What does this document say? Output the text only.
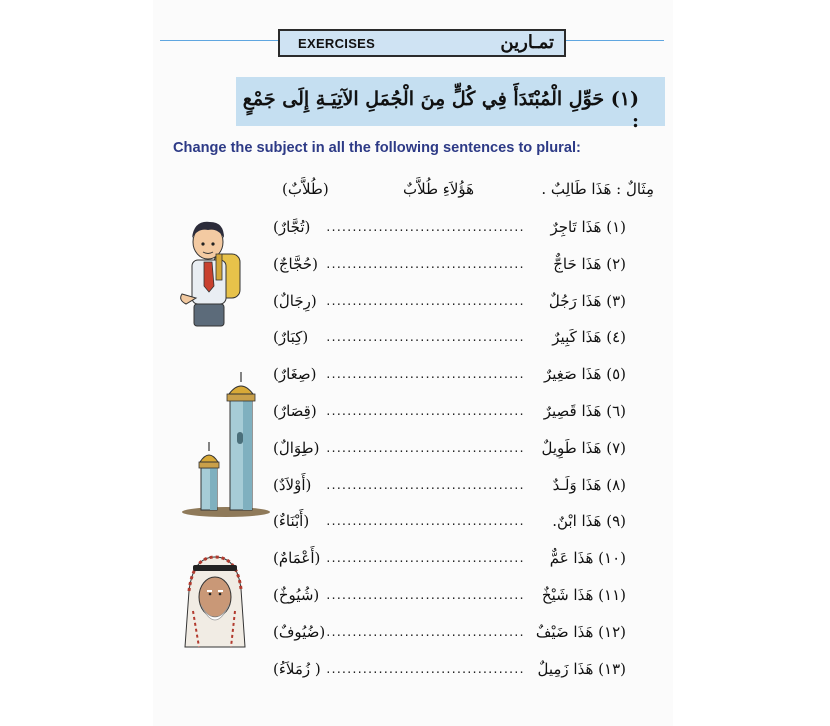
EXERCISES	تمـارين
(١) حَوِّلِ الْمُبْتَدَأَ فِي كُلٍّ مِنَ الْجُمَلِ الآتِيَـةِ إِلَى جَمْعٍ :
Change the subject in all the following sentences to plural:
مِثَالٌ : هَذَا طَالِبٌ .
هَؤُلاَءِ طُلاَّبٌ
(طُلاَّبٌ)
(تُجَّارٌ) ...................................... (١) هَذَا تَاجِرٌ
(حُجَّاجٌ) ...................................... (٢) هَذَا حَاجٌّ
(رِجَالٌ) ...................................... (٣) هَذَا رَجُلٌ
(كِبَارٌ) ...................................... (٤) هَذَا كَبِيرٌ
(صِغَارٌ) ...................................... (٥) هَذَا صَغِيرٌ
(قِصَارٌ) ...................................... (٦) هَذَا قَصِيرٌ
(طِوَالٌ) ...................................... (٧) هَذَا طَوِيلٌ
(أَوْلاَدٌ) ...................................... (٨) هَذَا وَلَـدٌ
(أَبْنَاءٌ) ...................................... (٩) هَذَا ابْنٌ.
(أَعْمَامٌ) ...................................... (١٠) هَذَا عَمٌّ
(شُيُوخٌ) ...................................... (١١) هَذَا شَيْخٌ
(ضُيُوفٌ) ...................................... (١٢) هَذَا ضَيْفٌ
(زُمَلاَءُ ) ...................................... (١٣) هَذَا زَمِيلٌ
